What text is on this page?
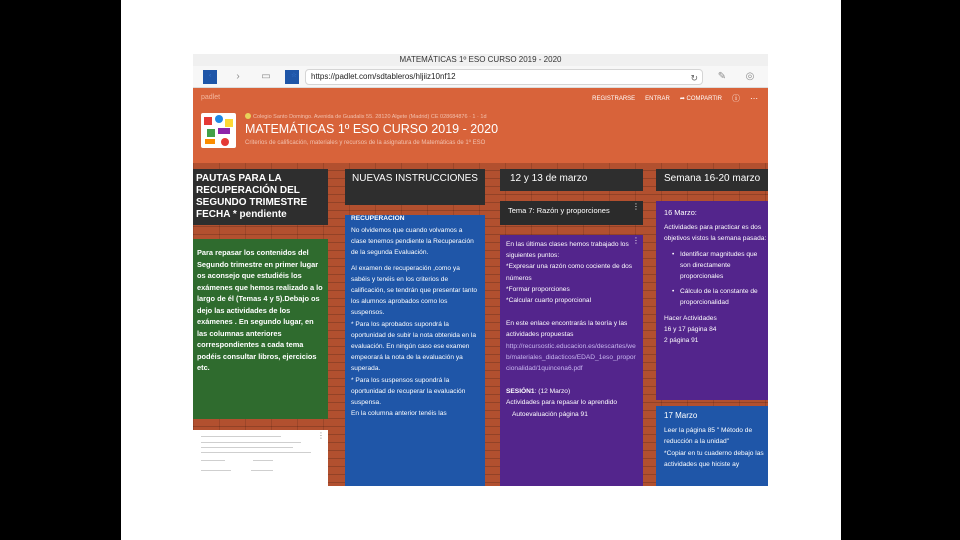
MATEMÁTICAS 1º ESO CURSO 2019 - 2020
‹	›	▭	☆	https://padlet.com/sdtableros/hljiiz10nf12	↻ ✎ ◎
padlet	REGISTRARSE ENTRAR ➦ COMPARTIR ⓘ ⋯
Colegio Santo Domingo. Avenida de Guadalix 55. 28120 Algete (Madrid) CE 028684876 · 1 · 1d
MATEMÁTICAS 1º ESO CURSO 2019 - 2020
Criterios de calificación, materiales y recursos de la asignatura de Matemáticas de 1º ESO
PAUTAS PARA LA RECUPERACIÓN DEL SEGUNDO TRIMESTRE FECHA * pendiente
Para repasar los contenidos del Segundo trimestre en primer lugar os aconsejo que estudiéis los exámenes que hemos realizado a lo largo de él (Temas 4 y 5).Debajo os dejo las actividades de los exámenes . En segundo lugar, en las columnas anteriores correspondientes a cada tema podéis consultar libros, ejercicios etc.
⋮
NUEVAS INSTRUCCIONES
RECUPERACIÓN
No olvidemos que cuando volvamos a clase tenemos pendiente la Recuperación de la segunda Evaluación.
Al examen de recuperación ,como ya sabéis y tenéis en los criterios de calificación, se tendrán que presentar tanto los alumnos aprobados como los suspensos.
* Para los aprobados supondrá la oportunidad de subir la nota obtenida en la evaluación. En ningún caso ese examen empeorará la nota de la evaluación ya superada.
* Para los suspensos supondrá la oportunidad de recuperar la evaluación suspensa.
En la columna anterior tenéis las
12 y 13 de marzo
⋮
Tema 7: Razón y proporciones
⋮
En las últimas clases hemos trabajado los siguientes puntos:
*Expresar una razón como cociente de dos números
*Formar proporciones
*Calcular cuarto proporcional
En este enlace encontrarás la teoría y las actividades propuestas
http://recursostic.educacion.es/descartes/web/materiales_didacticos/EDAD_1eso_proporcionalidad/1quincena6.pdf
SESIÓN1: (12 Marzo)
Actividades para repasar lo aprendido
Autoevaluación página 91
Semana 16-20 marzo
16 Marzo:
Actividades para practicar es dos objetivos vistos la semana pasada:
• Identificar magnitudes que son directamente proporcionales
• Cálculo de la constante de proporcionalidad
Hacer Actividades
16 y 17 página 84
2 página 91
17 Marzo
Leer la página 85 " Método de reducción a la unidad"
*Copiar en tu cuaderno debajo las actividades que hiciste ay
